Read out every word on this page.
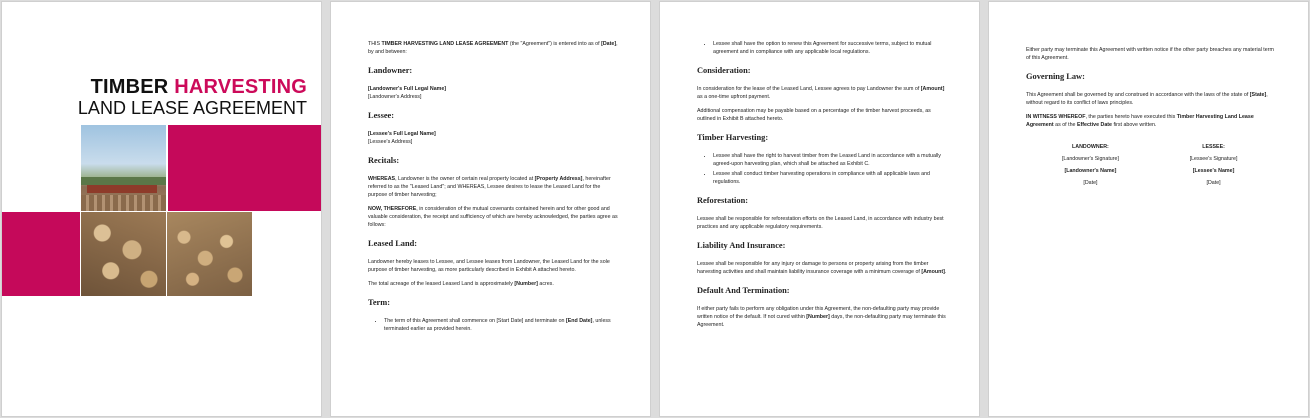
TIMBER HARVESTING
LAND LEASE AGREEMENT

THIS TIMBER HARVESTING LAND LEASE AGREEMENT (the "Agreement") is entered into as of [Date], by and between:

Landowner:
[Landowner's Full Legal Name]

[Landowner's Address]

Lessee:
[Lessee's Full Legal Name]

[Lessee's Address]

Recitals:

WHEREAS, Landowner is the owner of certain real property located at [Property Address], hereinafter referred to as the "Leased Land"; and WHEREAS, Lessee desires to lease the Leased Land for the purpose of timber harvesting;

NOW, THEREFORE, in consideration of the mutual covenants contained herein and for other good and valuable consideration, the receipt and sufficiency of which are hereby acknowledged, the parties agree as follows:

Leased Land:

Landowner hereby leases to Lessee, and Lessee leases from Landowner, the Leased Land for the sole purpose of timber harvesting, as more particularly described in Exhibit A attached hereto.

The total acreage of the leased Leased Land is approximately [Number] acres.

Term:
• The term of this Agreement shall commence on [Start Date] and terminate on [End Date], unless terminated earlier as provided herein.
• Lessee shall have the option to renew this Agreement for successive terms, subject to mutual agreement and in compliance with any applicable local regulations.
Consideration:

In consideration for the lease of the Leased Land, Lessee agrees to pay Landowner the sum of [Amount] as a one-time upfront payment.

Additional compensation may be payable based on a percentage of the timber harvest proceeds, as outlined in Exhibit B attached hereto.

Timber Harvesting:
• Lessee shall have the right to harvest timber from the Leased Land in accordance with a mutually agreed-upon harvesting plan, which shall be attached as Exhibit C.
• Lessee shall conduct timber harvesting operations in compliance with all applicable laws and regulations.
Reforestation:

Lessee shall be responsible for reforestation efforts on the Leased Land, in accordance with industry best practices and any applicable regulatory requirements.

Liability And Insurance:

Lessee shall be responsible for any injury or damage to persons or property arising from the timber harvesting activities and shall maintain liability insurance coverage with a minimum coverage of [Amount].

Default And Termination:

If either party fails to perform any obligation under this Agreement, the non-defaulting party may provide written notice of the default. If not cured within [Number] days, the non-defaulting party may terminate this Agreement.

Either party may terminate this Agreement with written notice if the other party breaches any material term of this Agreement.

Governing Law:

This Agreement shall be governed by and construed in accordance with the laws of the state of [State], without regard to its conflict of laws principles.

IN WITNESS WHEREOF, the parties hereto have executed this Timber Harvesting Land Lease Agreement as of the Effective Date first above written.

LANDOWNER:
[Landowner's Signature]
[Landowner's Name]
[Date]
LESSEE:
[Lessee's Signature]
[Lessee's Name]
[Date]
